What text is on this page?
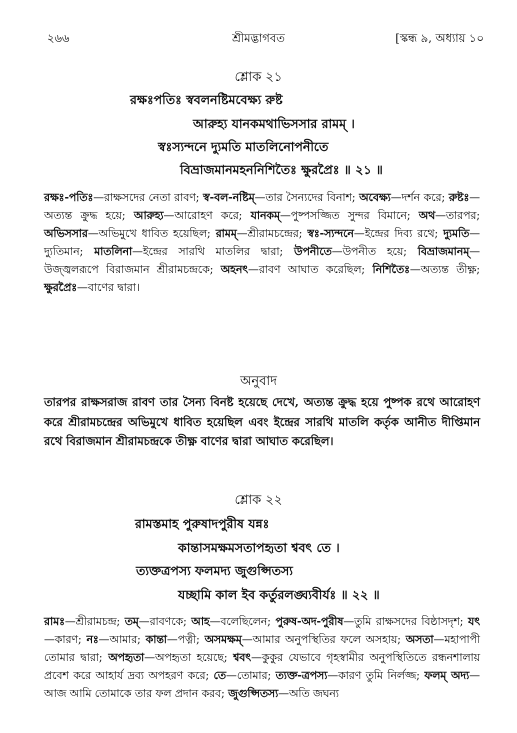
২৬৬	শ্রীমদ্ভাগবত	[স্কন্ধ ৯, অধ্যায় ১০
শ্লোক ২১
রক্ষঃপতিঃ স্ববলনষ্টিমবেক্ষ্য রুষ্ট
আরুহ্য যানকমথাভিসসার রামম্ ।
স্বঃস্যন্দনে দ্যুমতি মাতলিনোপনীতে
বিভ্রাজমানমহননিশিতৈঃ ক্ষুরপ্রৈঃ ॥ ২১ ॥

রক্ষঃ-পতিঃ—রাক্ষসদের নেতা রাবণ; স্ব-বল-নষ্টিম্—তার সৈন্যদের বিনাশ; অবেক্ষ্য—দর্শন করে; রুষ্টঃ—অত্যন্ত ক্রুদ্ধ হয়ে; আরুহ্য—আরোহণ করে; যানকম্—পুষ্পসজ্জিত সুন্দর বিমানে; অথ—তারপর; অভিসসার—অভিমুখে ধাবিত হয়েছিল; রামম্—শ্রীরামচন্দ্রের; স্বঃ-স্যন্দনে—ইন্দ্রের দিব্য রথে; দ্যুমতি—দ্যুতিমান; মাতলিনা—ইন্দ্রের সারথি মাতলির দ্বারা; উপনীতে—উপনীত হয়ে; বিভ্রাজমানম্—উজ্জ্বলরূপে বিরাজমান শ্রীরামচন্দ্রকে; অহনৎ—রাবণ আঘাত করেছিল; নিশিতৈঃ—অত্যন্ত তীক্ষ্ণ; ক্ষুরপ্রৈঃ—বাণের দ্বারা।

অনুবাদ

তারপর রাক্ষসরাজ রাবণ তার সৈন্য বিনষ্ট হয়েছে দেখে, অত্যন্ত ক্রুদ্ধ হয়ে পুষ্পক রথে আরোহণ করে শ্রীরামচন্দ্রের অভিমুখে ধাবিত হয়েছিল এবং ইন্দ্রের সারথি মাতলি কর্তৃক আনীত দীপ্তিমান রথে বিরাজমান শ্রীরামচন্দ্রকে তীক্ষ্ণ বাণের দ্বারা আঘাত করেছিল।

শ্লোক ২২
রামস্তমাহ পুরুষাদপুরীষ যন্নঃ
কান্তাসমক্ষমসতাপহৃতা শ্ববৎ তে ।
ত্যক্তত্রপস্য ফলমদ্য জুগুপ্সিতস্য
যচ্ছামি কাল ইব কর্তুরলঙ্ঘ্যবীর্যঃ ॥ ২২ ॥

রামঃ—শ্রীরামচন্দ্র; তম্—রাবণকে; আহ—বলেছিলেন; পুরুষ-অদ-পুরীষ—তুমি রাক্ষসদের বিষ্ঠাসদৃশ; যৎ—কারণ; নঃ—আমার; কান্তা—পত্নী; অসমক্ষম্—আমার অনুপস্থিতির ফলে অসহায়; অসতা—মহাপাপী তোমার দ্বারা; অপহৃতা—অপহৃতা হয়েছে; শ্ববৎ—কুকুর যেভাবে গৃহস্বামীর অনুপস্থিতিতে রন্ধনশালায় প্রবেশ করে আহার্য দ্রব্য অপহরণ করে; তে—তোমার; ত্যক্ত-ত্রপস্য—কারণ তুমি নির্লজ্জ; ফলম্ অদ্য—আজ আমি তোমাকে তার ফল প্রদান করব; জুগুপ্সিতস্য—অতি জঘন্য
